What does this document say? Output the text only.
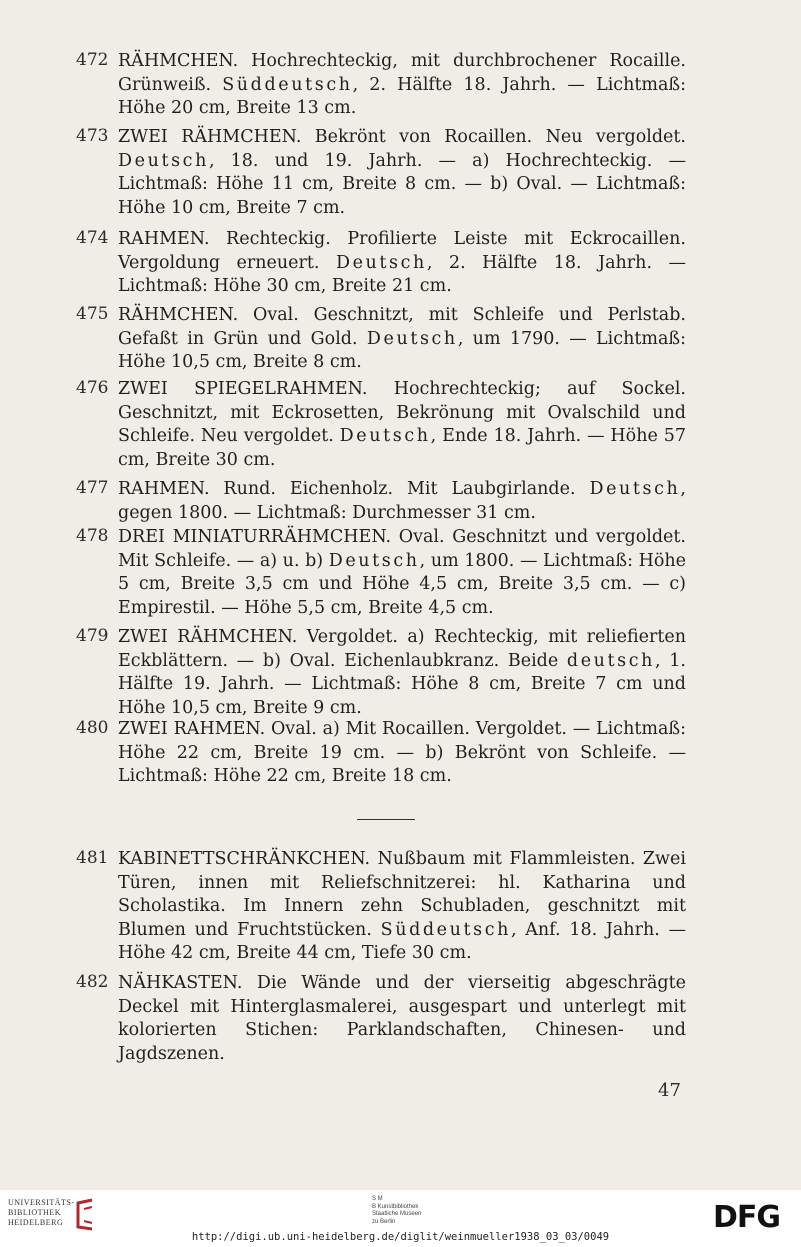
472 RÄHMCHEN. Hochrechteckig, mit durchbrochener Rocaille. Grünweiß. Süddeutsch, 2. Hälfte 18. Jahrh. — Lichtmaß: Höhe 20 cm, Breite 13 cm.
473 ZWEI RÄHMCHEN. Bekrönt von Rocaillen. Neu vergoldet. Deutsch, 18. und 19. Jahrh. — a) Hochrechteckig. — Lichtmaß: Höhe 11 cm, Breite 8 cm. — b) Oval. — Lichtmaß: Höhe 10 cm, Breite 7 cm.
474 RAHMEN. Rechteckig. Profilierte Leiste mit Eckrocaillen. Vergoldung erneuert. Deutsch, 2. Hälfte 18. Jahrh. — Lichtmaß: Höhe 30 cm, Breite 21 cm.
475 RÄHMCHEN. Oval. Geschnitzt, mit Schleife und Perlstab. Gefaßt in Grün und Gold. Deutsch, um 1790. — Lichtmaß: Höhe 10,5 cm, Breite 8 cm.
476 ZWEI SPIEGELRAHMEN. Hochrechteckig; auf Sockel. Geschnitzt, mit Eckrosetten, Bekrönung mit Ovalschild und Schleife. Neu vergoldet. Deutsch, Ende 18. Jahrh. — Höhe 57 cm, Breite 30 cm.
477 RAHMEN. Rund. Eichenholz. Mit Laubgirlande. Deutsch, gegen 1800. — Lichtmaß: Durchmesser 31 cm.
478 DREI MINIATURRÄHMCHEN. Oval. Geschnitzt und vergoldet. Mit Schleife. — a) u. b) Deutsch, um 1800. — Lichtmaß: Höhe 5 cm, Breite 3,5 cm und Höhe 4,5 cm, Breite 3,5 cm. — c) Empirestil. — Höhe 5,5 cm, Breite 4,5 cm.
479 ZWEI RÄHMCHEN. Vergoldet. a) Rechteckig, mit reliefierten Eckblättern. — b) Oval. Eichenlaubkranz. Beide deutsch, 1. Hälfte 19. Jahrh. — Lichtmaß: Höhe 8 cm, Breite 7 cm und Höhe 10,5 cm, Breite 9 cm.
480 ZWEI RAHMEN. Oval. a) Mit Rocaillen. Vergoldet. — Lichtmaß: Höhe 22 cm, Breite 19 cm. — b) Bekrönt von Schleife. — Lichtmaß: Höhe 22 cm, Breite 18 cm.
481 KABINETTSCHRÄNKCHEN. Nußbaum mit Flammleisten. Zwei Türen, innen mit Reliefschnitzerei: hl. Katharina und Scholastika. Im Innern zehn Schubladen, geschnitzt mit Blumen und Fruchtstücken. Süddeutsch, Anf. 18. Jahrh. — Höhe 42 cm, Breite 44 cm, Tiefe 30 cm.
482 NÄHKASTEN. Die Wände und der vierseitig abgeschrägte Deckel mit Hinterglasmalerei, ausgespart und unterlegt mit kolorierten Stichen: Parklandschaften, Chinesen- und Jagdszenen.
47
UNIVERSITÄTS-
BIBLIOTHEK
HEIDELBERG
S M
B Kunstbibliothek
Staatliche Museen
zu Berlin	DFG
http://digi.ub.uni-heidelberg.de/diglit/weinmueller1938_03_03/0049
